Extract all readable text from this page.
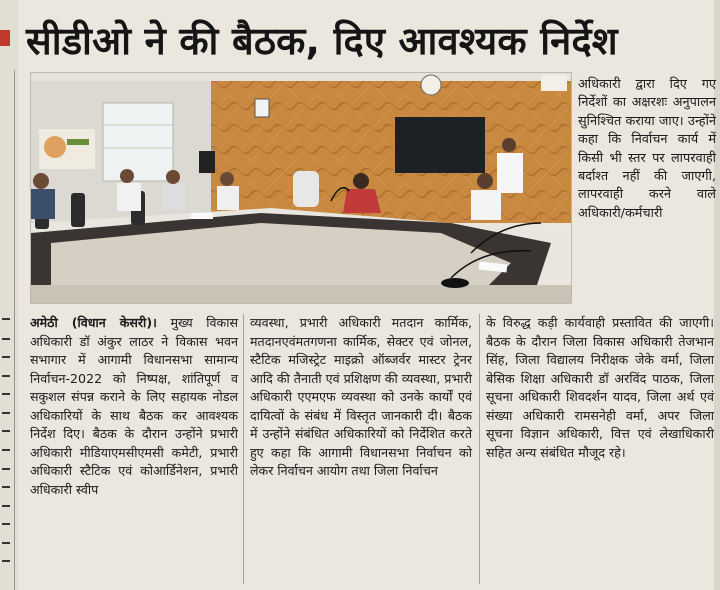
सीडीओ ने की बैठक, दिए आवश्यक निर्देश

अधिकारी द्वारा दिए गए निर्देशों का अक्षरशः अनुपालन सुनिश्चित कराया जाए। उन्होंने कहा कि निर्वाचन कार्य में किसी भी स्तर पर लापरवाही बर्दाश्त नहीं की जाएगी, लापरवाही करने वाले अधिकारी/कर्मचारी

अमेठी (विधान केसरी)। मुख्य विकास अधिकारी डॉ अंकुर लाठर ने विकास भवन सभागार में आगामी विधानसभा सामान्य निर्वाचन-2022 को निष्पक्ष, शांतिपूर्ण व सकुशल संपन्न कराने के लिए सहायक नोडल अधिकारियों के साथ बैठक कर आवश्यक निर्देश दिए। बैठक के दौरान उन्होंने प्रभारी अधिकारी मीडियाएमसीएमसी कमेटी, प्रभारी अधिकारी स्टैटिक एवं कोआर्डिनेशन, प्रभारी अधिकारी स्वीप

व्यवस्था, प्रभारी अधिकारी मतदान कार्मिक, मतदानएवंमतगणना कार्मिक, सेक्टर एवं जोनल, स्टैटिक मजिस्ट्रेट माइक्रो ऑब्जर्वर मास्टर ट्रेनर आदि की तैनाती एवं प्रशिक्षण की व्यवस्था, प्रभारी अधिकारी एएमएफ व्यवस्था को उनके कार्यों एवं दायित्वों के संबंध में विस्तृत जानकारी दी। बैठक में उन्होंने संबंधित अधिकारियों को निर्देशित करते हुए कहा कि आगामी विधानसभा निर्वाचन को लेकर निर्वाचन आयोग तथा जिला निर्वाचन

के विरुद्ध कड़ी कार्यवाही प्रस्तावित की जाएगी। बैठक के दौरान जिला विकास अधिकारी तेजभान सिंह, जिला विद्यालय निरीक्षक जेके वर्मा, जिला बेसिक शिक्षा अधिकारी डॉ अरविंद पाठक, जिला सूचना अधिकारी शिवदर्शन यादव, जिला अर्थ एवं संख्या अधिकारी रामसनेही वर्मा, अपर जिला सूचना विज्ञान अधिकारी, वित्त एवं लेखाधिकारी सहित अन्य संबंधित मौजूद रहे।
